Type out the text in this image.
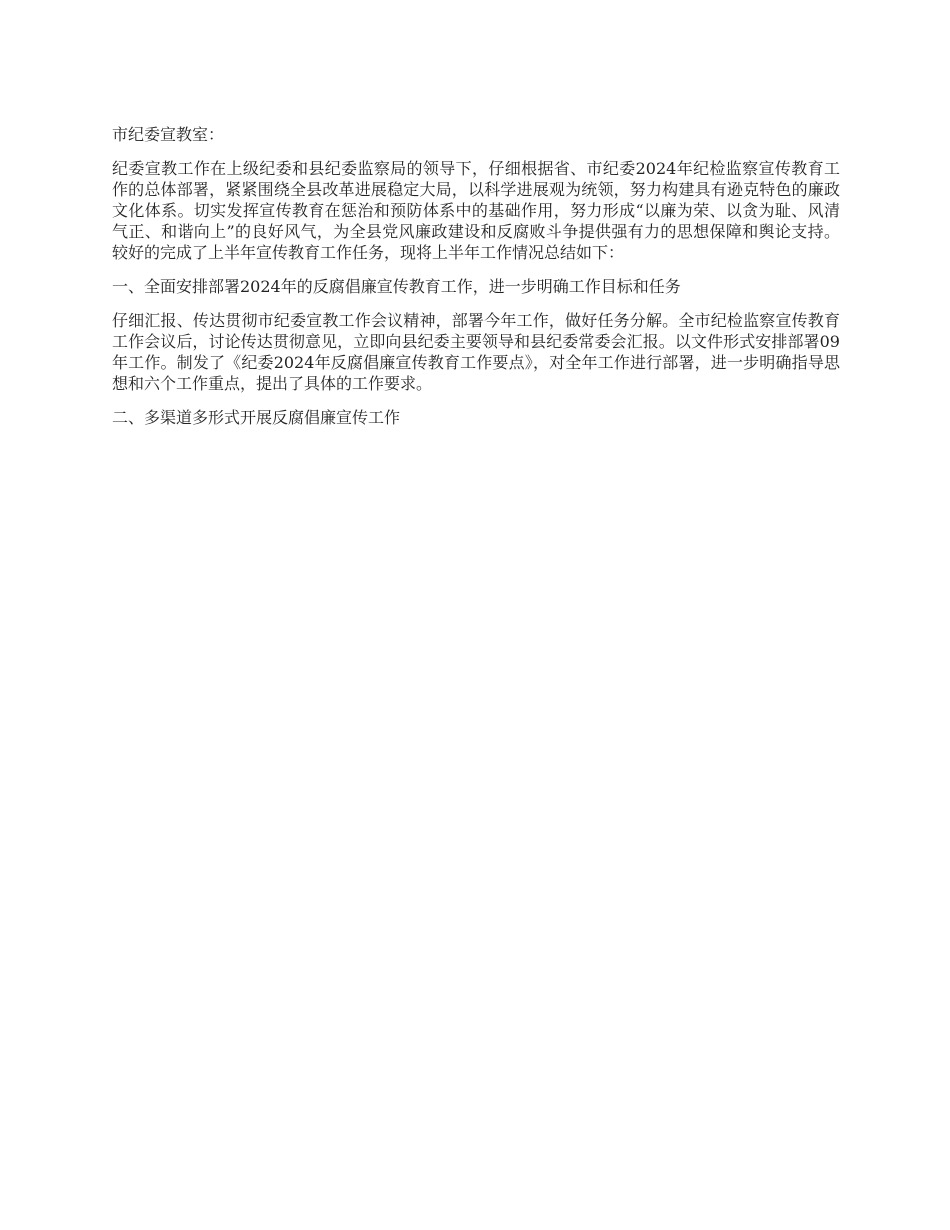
市纪委宣教室：

纪委宣教工作在上级纪委和县纪委监察局的领导下，仔细根据省、市纪委2024年纪检监察宣传教育工作的总体部署，紧紧围绕全县改革进展稳定大局，以科学进展观为统领，努力构建具有逊克特色的廉政文化体系。切实发挥宣传教育在惩治和预防体系中的基础作用，努力形成“以廉为荣、以贪为耻、风清气正、和谐向上”的良好风气，为全县党风廉政建设和反腐败斗争提供强有力的思想保障和舆论支持。较好的完成了上半年宣传教育工作任务，现将上半年工作情况总结如下：

一、全面安排部署2024年的反腐倡廉宣传教育工作，进一步明确工作目标和任务

仔细汇报、传达贯彻市纪委宣教工作会议精神，部署今年工作，做好任务分解。全市纪检监察宣传教育工作会议后，讨论传达贯彻意见，立即向县纪委主要领导和县纪委常委会汇报。以文件形式安排部署09年工作。制发了《纪委2024年反腐倡廉宣传教育工作要点》，对全年工作进行部署，进一步明确指导思想和六个工作重点，提出了具体的工作要求。

二、多渠道多形式开展反腐倡廉宣传工作
